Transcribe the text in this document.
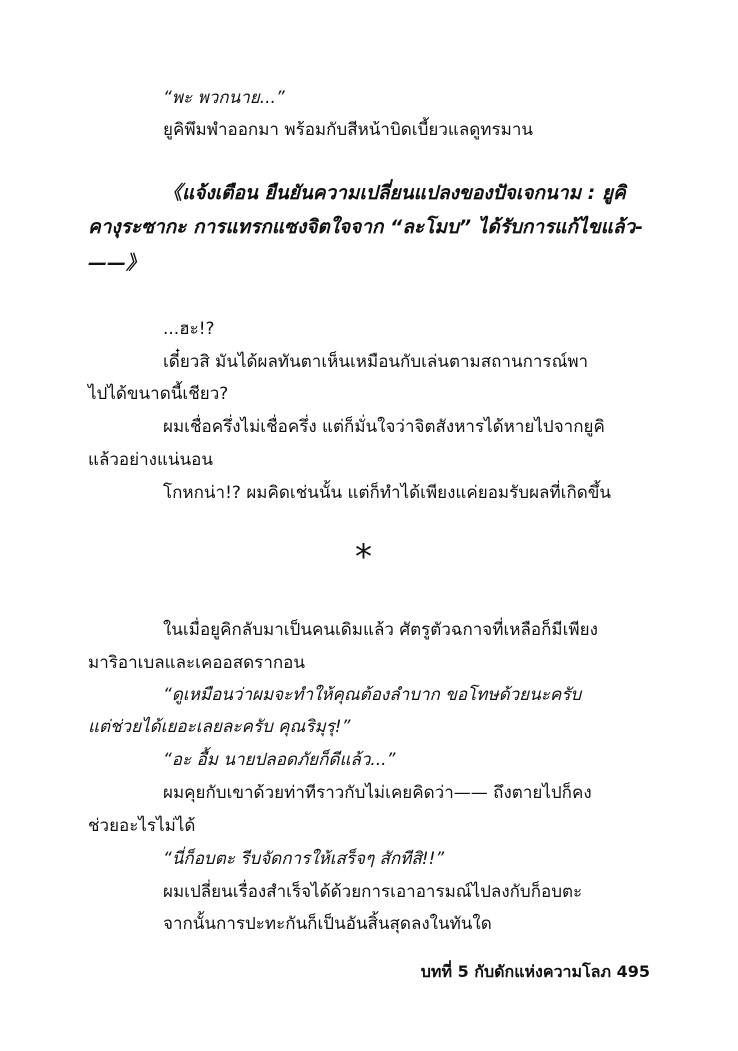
“พะ พวกนาย...”
ยูคิพึมพำออกมา พร้อมกับสีหน้าบิดเบี้ยวแลดูทรมาน
《แจ้งเตือน ยืนยันความเปลี่ยนแปลงของปัจเจกนาม : ยูคิ
คางุระซากะ การแทรกแซงจิตใจจาก “ละโมบ” ได้รับการแก้ไขแล้ว-
——》
...ฮะ!?
เดี๋ยวสิ มันได้ผลทันตาเห็นเหมือนกับเล่นตามสถานการณ์พา
ไปได้ขนาดนี้เชียว?
ผมเชื่อครึ่งไม่เชื่อครึ่ง แต่ก็มั่นใจว่าจิตสังหารได้หายไปจากยูคิ
แล้วอย่างแน่นอน
โกหกน่า!? ผมคิดเช่นนั้น แต่ก็ทำได้เพียงแค่ยอมรับผลที่เกิดขึ้น
*
ในเมื่อยูคิกลับมาเป็นคนเดิมแล้ว ศัตรูตัวฉกาจที่เหลือก็มีเพียง
มาริอาเบลและเคออสดรากอน
“ดูเหมือนว่าผมจะทำให้คุณต้องลำบาก ขอโทษด้วยนะครับ
แต่ช่วยได้เยอะเลยละครับ คุณริมุรุ!”
“อะ อื้ม นายปลอดภัยก็ดีแล้ว...”
ผมคุยกับเขาด้วยท่าทีราวกับไม่เคยคิดว่า—— ถึงตายไปก็คง
ช่วยอะไรไม่ได้
“นี่ก็อบตะ รีบจัดการให้เสร็จๆ สักทีสิ!!”
ผมเปลี่ยนเรื่องสำเร็จได้ด้วยการเอาอารมณ์ไปลงกับก็อบตะ
จากนั้นการปะทะกันก็เป็นอันสิ้นสุดลงในทันใด
บทที่ 5 กับดักแห่งความโลภ 495
